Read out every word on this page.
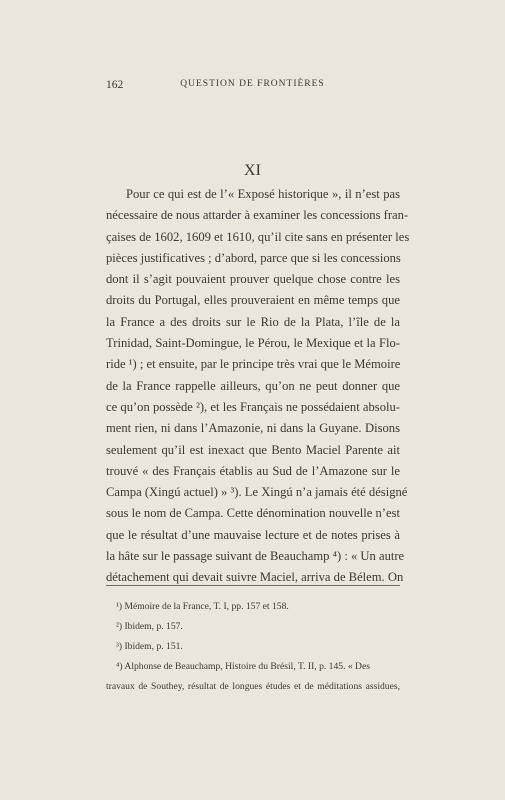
162	QUESTION DE FRONTIÈRES
XI
Pour ce qui est de l’« Exposé historique », il n’est pas
nécessaire de nous attarder à examiner les concessions fran-
çaises de 1602, 1609 et 1610, qu’il cite sans en présenter les
pièces justificatives ; d’abord, parce que si les concessions
dont il s’agit pouvaient prouver quelque chose contre les
droits du Portugal, elles prouveraient en même temps que
la France a des droits sur le Rio de la Plata, l’île de la
Trinidad, Saint-Domingue, le Pérou, le Mexique et la Flo-
ride ¹) ; et ensuite, par le principe très vrai que le Mémoire
de la France rappelle ailleurs, qu’on ne peut donner que
ce qu’on possède ²), et les Français ne possédaient absolu-
ment rien, ni dans l’Amazonie, ni dans la Guyane. Disons
seulement qu’il est inexact que Bento Maciel Parente ait
trouvé « des Français établis au Sud de l’Amazone sur le
Campa (Xingú actuel) » ³). Le Xingú n’a jamais été désigné
sous le nom de Campa. Cette dénomination nouvelle n’est
que le résultat d’une mauvaise lecture et de notes prises à
la hâte sur le passage suivant de Beauchamp ⁴) : « Un autre
détachement qui devait suivre Maciel, arriva de Bélem. On
¹) Mémoire de la France, T. I, pp. 157 et 158.
²) Ibidem, p. 157.
³) Ibidem, p. 151.
⁴) Alphonse de Beauchamp, Histoire du Brésil, T. II, p. 145. « Des
travaux de Southey, résultat de longues études et de méditations assidues,
